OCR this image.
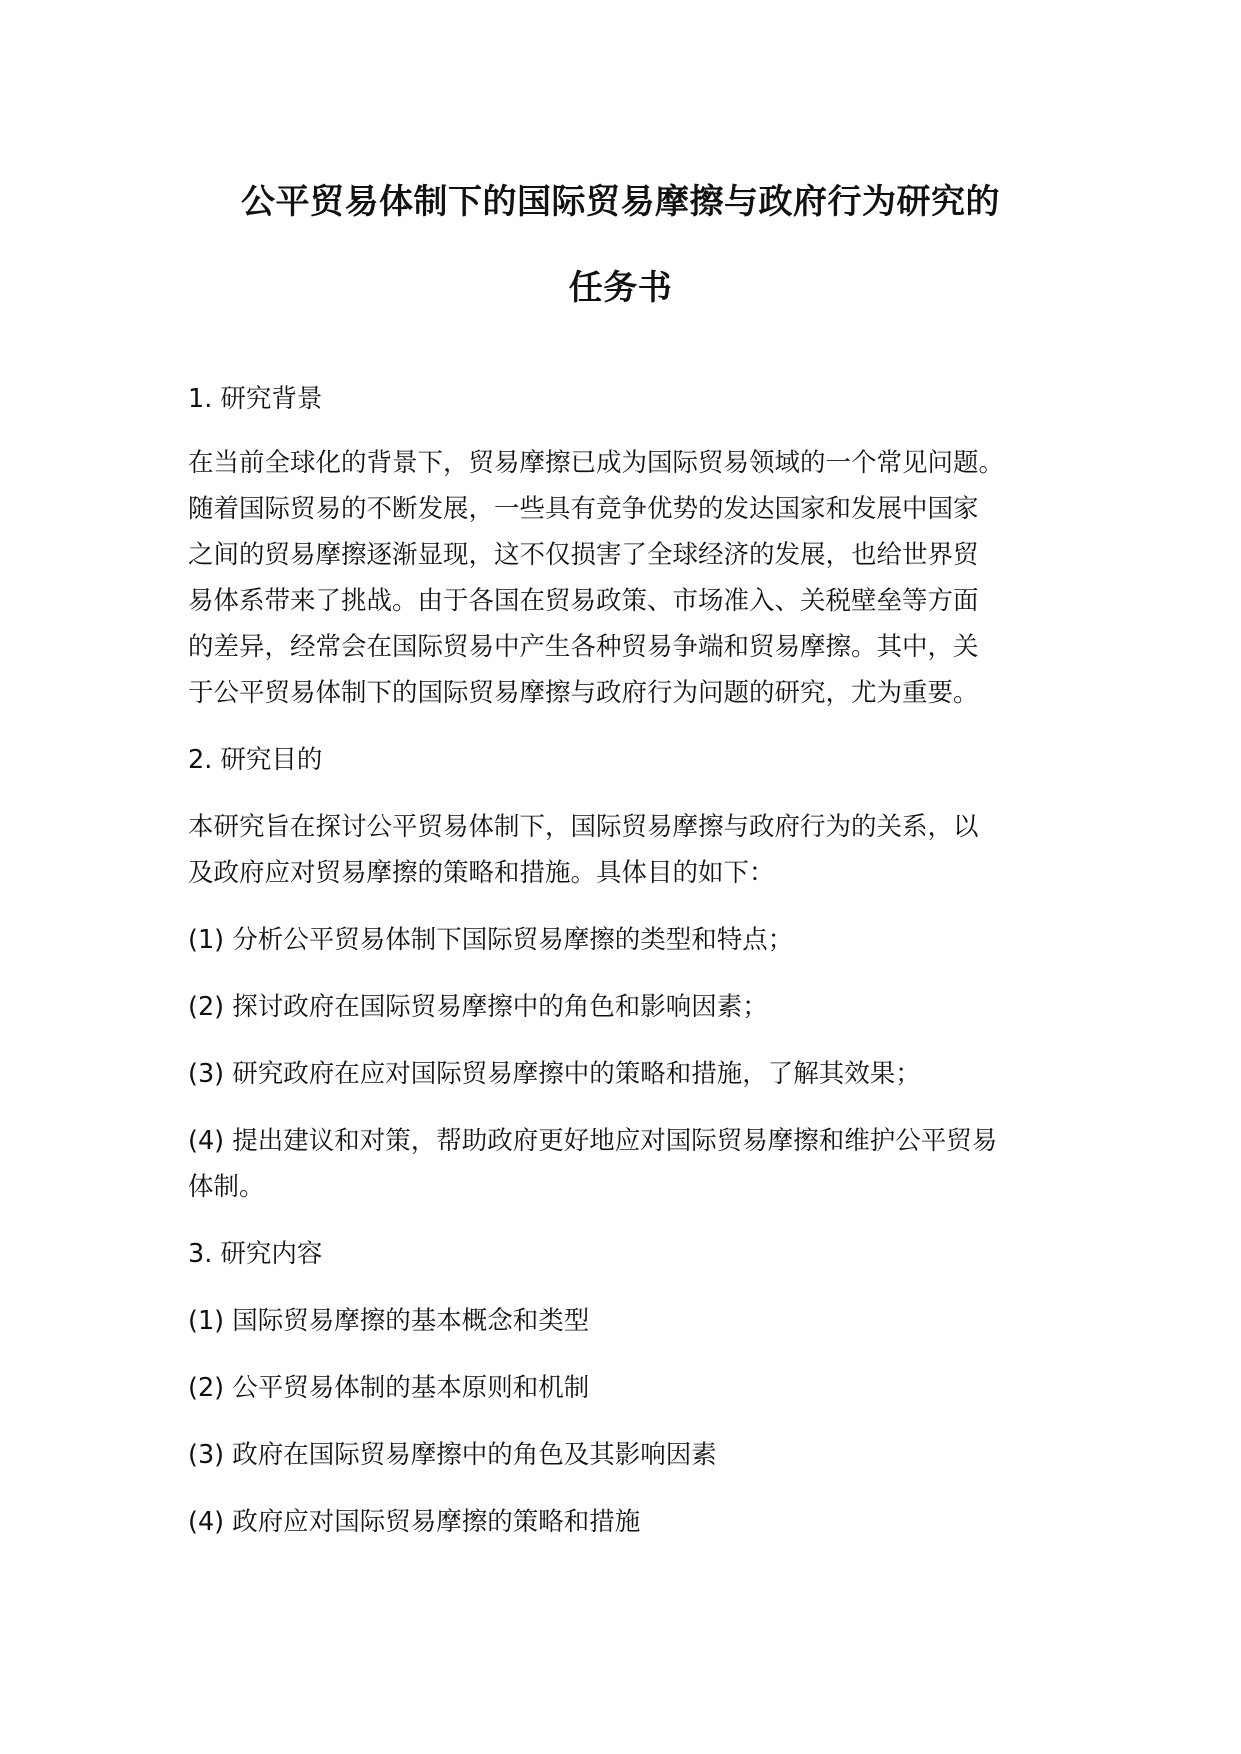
公平贸易体制下的国际贸易摩擦与政府行为研究的
任务书
1. 研究背景
在当前全球化的背景下，贸易摩擦已成为国际贸易领域的一个常见问题。
随着国际贸易的不断发展，一些具有竞争优势的发达国家和发展中国家
之间的贸易摩擦逐渐显现，这不仅损害了全球经济的发展，也给世界贸
易体系带来了挑战。由于各国在贸易政策、市场准入、关税壁垒等方面
的差异，经常会在国际贸易中产生各种贸易争端和贸易摩擦。其中，关
于公平贸易体制下的国际贸易摩擦与政府行为问题的研究，尤为重要。
2. 研究目的
本研究旨在探讨公平贸易体制下，国际贸易摩擦与政府行为的关系，以
及政府应对贸易摩擦的策略和措施。具体目的如下：
(1) 分析公平贸易体制下国际贸易摩擦的类型和特点；
(2) 探讨政府在国际贸易摩擦中的角色和影响因素；
(3) 研究政府在应对国际贸易摩擦中的策略和措施，了解其效果；
(4) 提出建议和对策，帮助政府更好地应对国际贸易摩擦和维护公平贸易
体制。
3. 研究内容
(1) 国际贸易摩擦的基本概念和类型
(2) 公平贸易体制的基本原则和机制
(3) 政府在国际贸易摩擦中的角色及其影响因素
(4) 政府应对国际贸易摩擦的策略和措施
